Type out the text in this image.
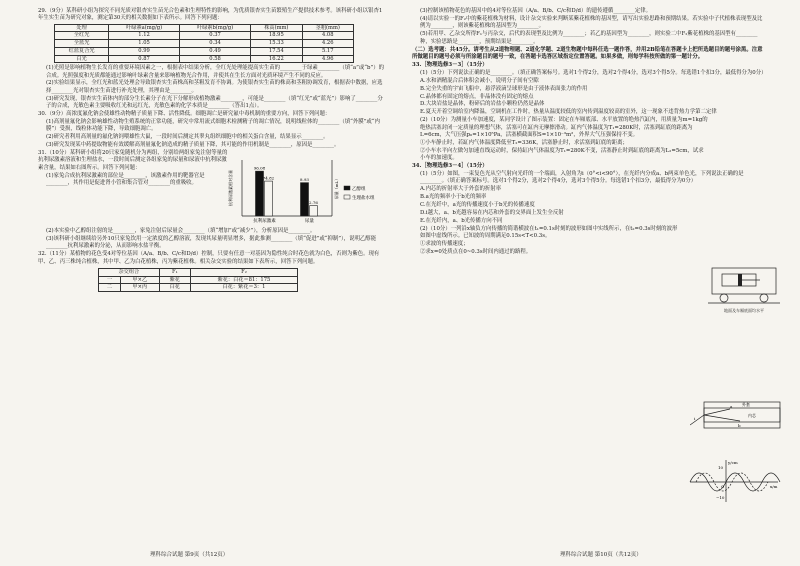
29.（9分）某科研小组为探究不同光质对银杏实生苗光合色素和生理特性的影响，为优质银杏实生苗繁殖生产提供技术参考。该科研小组以银杏1年生实生苗为研究对象，测定第30天的相关数据如下表所示。回答下列问题：

处理	叶绿素a(mg/g)	叶绿素b(mg/g)	株高(mm)	茎粗(mm)
全红光	1.12	0.37	18.95	4.08
全蓝光	1.05	0.34	15.33	4.26
红蓝复合光	0.99	0.49	17.54	5.17
白光	0.87	0.58	16.22	4.96

(1)光照是影响植物生长发育的重要环境因素之一，根据表中结果分析，全红光处理能提高实生苗的________于绿素________（填“a”或“b”）的合成。光照强度和光质都能通过影响叶绿素含量来影响植物光合作用，并使其在生长方面对光质环境产生不同的反应。

(2)实验结果显示，全红光和蓝光处理会导致银杏实生苗株高和茎粗发育不协调。为使银杏实生苗的株高和茎粗协调发育，根据表中数据，应选择________光对银杏实生苗进行补光处理，其理由是________。

(3)研究发现，银杏实生苗体内的部分生长素分子在光下分解形成植物激素________，可能是________（填“红光”或“蓝光”）影响了________分子的合成，光敏色素主要吸收红光和远红光，光敏色素的化学本质是________（答出1点）。

30.（9分）高浓度氟化钠会使雄性动物精子质量下降、活性降低。细胞凋亡是研究氟中毒机制的重要方向，回答下列问题：

(1)高剂量氟化钠会影响雄性动物生殖系统的正常功能，研究中常用流式细胞术检测精子的凋亡情况，说明线粒体的________（填“外膜”或“内膜”）受损，线粒体功能下降，导致细胞凋亡。

(2)研究者利用高剂量的氟化钠饲喂雄性大鼠，一段时间后测定其睾丸组织细胞中的相关蛋白含量，结果显示________。

(3)研究发现某中药提取物能有效缓解高剂量氟化钠造成的精子质量下降，其可能的作用机制是________，原因是________。

31.（10分）某科研小组将20只家兔随机分为两组，分别给两组家兔注射等量的抗利尿激素溶液和生理盐水，一段时间后测定各组家兔的尿量和尿液中抗利尿激素含量，结果如右图所示。回答下列问题：

(1)家兔合成抗利尿激素的部位是________，该激素作用的靶器官是________，其作用是促进肾小管和集合管对________的重吸收。	抗利尿激素相对含量	尿量（mL）
96.08
74.82
抗利尿激素
8.93
2.76
尿量
乙醇组
生理盐水组

(2)本实验中乙醇组注射的是________，家兔注射后尿量会________（填“增加”或“减少”），分析原因是________。

(3)该科研小组继续给另外10只家兔饮用一定浓度的乙醇溶液，发现其尿量明显增多，据此推测________（填“促进”或“抑制”），说明乙醇能________抗利尿激素的分泌，从而影响水盐平衡。

32.（11分）某植物的花色受4对等位基因（A/a、B/b、C/c和D/d）控制，只要有任意一对基因为隐性纯合时花色就为白色，否则为紫色。现有甲、乙、丙三株纯合植株，其中甲、乙为白花植株，丙为紫花植株。相关杂交实验的结果如下表所示，回答下列问题。

杂交组合		F₁	F₂
一	甲×乙	紫花	紫花：白花＝81：175
二	甲×丙	白花	白花：紫花＝3：1
理科综合试题 第9页（共12页）

(3)控制该植物花色的基因中的4对等位基因（A/a、B/b、C/c和D/d）的遗传遵循________定律。

(4)请以实验一的F₂中的紫花植株为材料，设计杂交实验来判断某紫花植株的基因型，请写出实验思路和预期结果。若实验中子代植株表现型及比例为________，则该紫花植株的基因型为________。

(5)若用甲、乙杂交所得F₁与丙杂交，后代的表现型及比例为________；若乙的基因型为________，则实验二中F₂紫花植株的基因型有________种，实验思路是________，预期结果是________。

（二）选考题：共45分。请考生从2道物理题、2道化学题、2道生物题中每科任选一题作答，并用2B铅笔在答题卡上把所选题目的题号涂黑。注意所做题目的题号必须与所涂题目的题号一致，在答题卡选答区域指定位置答题。如果多做，则每学科按所做的第一题计分。

33.［物理选修3－3］（15分）

(1)（5分）下列说法正确的是________。（填正确答案标号。选对1个得2分，选对2个得4分，选对3个得5分。每选错1个扣3分，最低得分为0分）

A.水和酒精混合后体积会减小，说明分子间有空隙

B.完全失重的宇宙飞船中，悬浮液滴呈球形是由于液体表面张力的作用

C.晶体都有固定的熔点，非晶体没有固定的熔点

D.大块岩盐是晶体，粉碎后的岩盐小颗粒仍然是晶体

E.夏天开着空调给室内降温，空调机在工作时，热量从温度较低的室内传到温度较高的室外，这一现象不违背热力学第二定律

(2)（10分）为测量小车加速度，某同学设计了图示装置：固定在车厢底部、水平放置的绝热汽缸内，用质量为m=1kg的绝热活塞封闭一定质量的理想气体，活塞可在缸内无摩擦滑动。缸内气体温度为T₁=280K时，活塞到缸底的距离为L=6cm，大气压强p₀=1×10⁵Pa，活塞横截面积S=1×10⁻³m²，外界大气压强保持不变。

①小车静止时，若缸内气体温度降低至T₂=336K，活塞静止时，求活塞到缸底的距离；

②小车水平向左做匀加速直线运动时，保持缸内气体温度为T₁=280K不变，活塞静止时到缸底的距离为L₂=5cm，试求小车的加速度。

34.［物理选修3－4］（15分）

(1)（5分）如图，一束复色光从空气射向光纤的一个端面，入射角为i（0°<i<90°），在光纤内分成a、b两束单色光，下列说法正确的是________。（填正确答案标号。选对1个得2分，选对2个得4分，选对3个得5分。每选错1个扣3分，最低得分为0分）

A.内芯的折射率大于外套的折射率

B.a光的频率小于b光的频率

C.在光纤中，a光的传播速度小于b光的传播速度

D.i越大，a、b光越容易在内芯和外套的交界面上发生全反射

E.在光纤内，a、b光传播方向不同

(2)（10分）一列沿x轴负方向传播的简谐横波在t₁=0.1s时刻的波形如图中实线所示，在t₂=0.3s时刻的波形如图中虚线所示。已知波的周期满足0.15s<T<0.3s。

①求波的传播速度；

②求x=0处质点在0~0.3s时间内通过的路程。

理科综合试题 第10页（共12页）
地面及车厢底面均水平
外套
内芯
a
b
i
y/cm
x/m
O
10
−10
